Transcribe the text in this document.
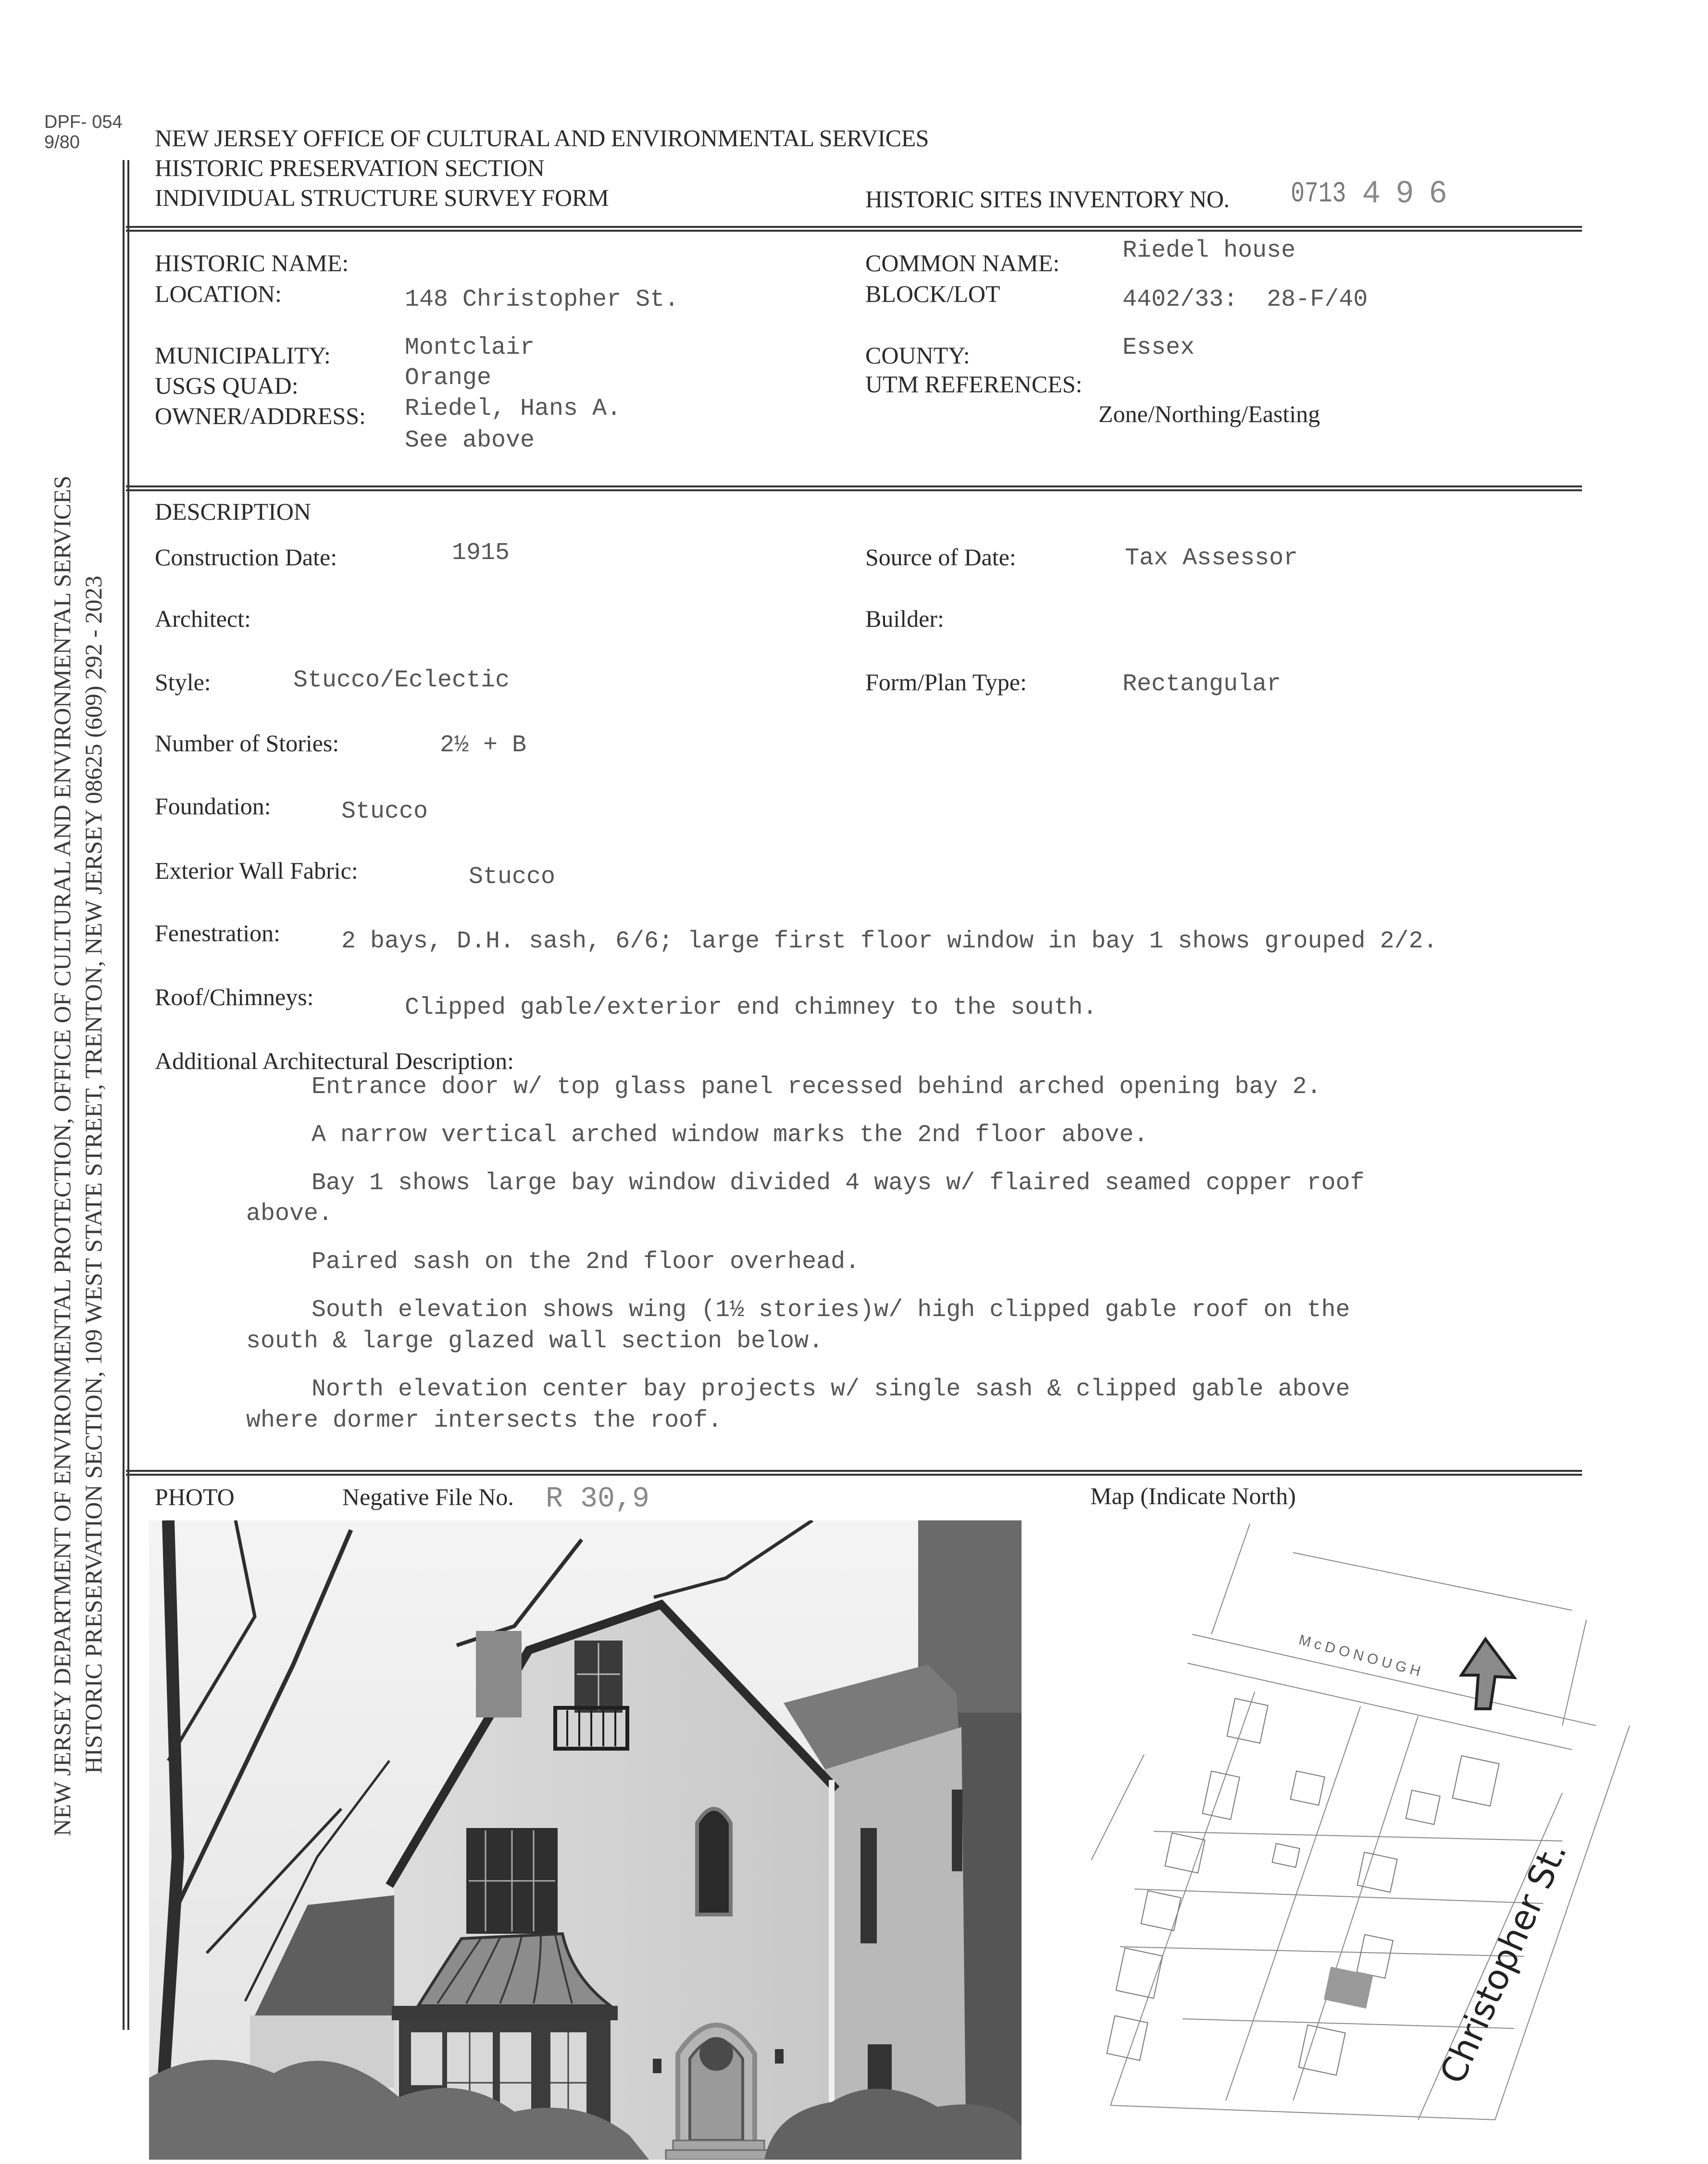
DPF- 054
9/80	NEW JERSEY OFFICE OF CULTURAL AND ENVIRONMENTAL SERVICES
HISTORIC PRESERVATION SECTION
INDIVIDUAL STRUCTURE SURVEY FORM	HISTORIC SITES INVENTORY NO. 0713 4 9 6
NEW JERSEY DEPARTMENT OF ENVIRONMENTAL PROTECTION, OFFICE OF CULTURAL AND ENVIRONMENTAL SERVICES HISTORIC PRESERVATION SECTION, 109 WEST STATE STREET, TRENTON, NEW JERSEY 08625 (609) 292 - 2023
HISTORIC NAME:
LOCATION:	148 Christopher St.
MUNICIPALITY:	Montclair
USGS QUAD:	Orange
OWNER/ADDRESS: Riedel, Hans A.
See above
COMMON NAME:	Riedel house
BLOCK/LOT	4402/33:  28-F/40
COUNTY:	Essex
UTM REFERENCES:
Zone/Northing/Easting
DESCRIPTION
Construction Date:	1915	Source of Date:	Tax Assessor
Architect:	Builder:
Style:	Stucco/Eclectic	Form/Plan Type:	Rectangular
Number of Stories:	2½ + B
Foundation:	Stucco
Exterior Wall Fabric:	Stucco
Fenestration:	2 bays, D.H. sash, 6/6; large first floor window in bay 1 shows grouped 2/2.
Roof/Chimneys:	Clipped gable/exterior end chimney to the south.
Additional Architectural Description:
Entrance door w/ top glass panel recessed behind arched opening bay 2.
A narrow vertical arched window marks the 2nd floor above.
Bay 1 shows large bay window divided 4 ways w/ flaired seamed copper roof
above.
Paired sash on the 2nd floor overhead.
South elevation shows wing (1½ stories)w/ high clipped gable roof on the
south & large glazed wall section below.
North elevation center bay projects w/ single sash & clipped gable above
where dormer intersects the roof.
PHOTO	Negative File No. R 30,9	Map (Indicate North)
McDONOUGH
Christopher St.
